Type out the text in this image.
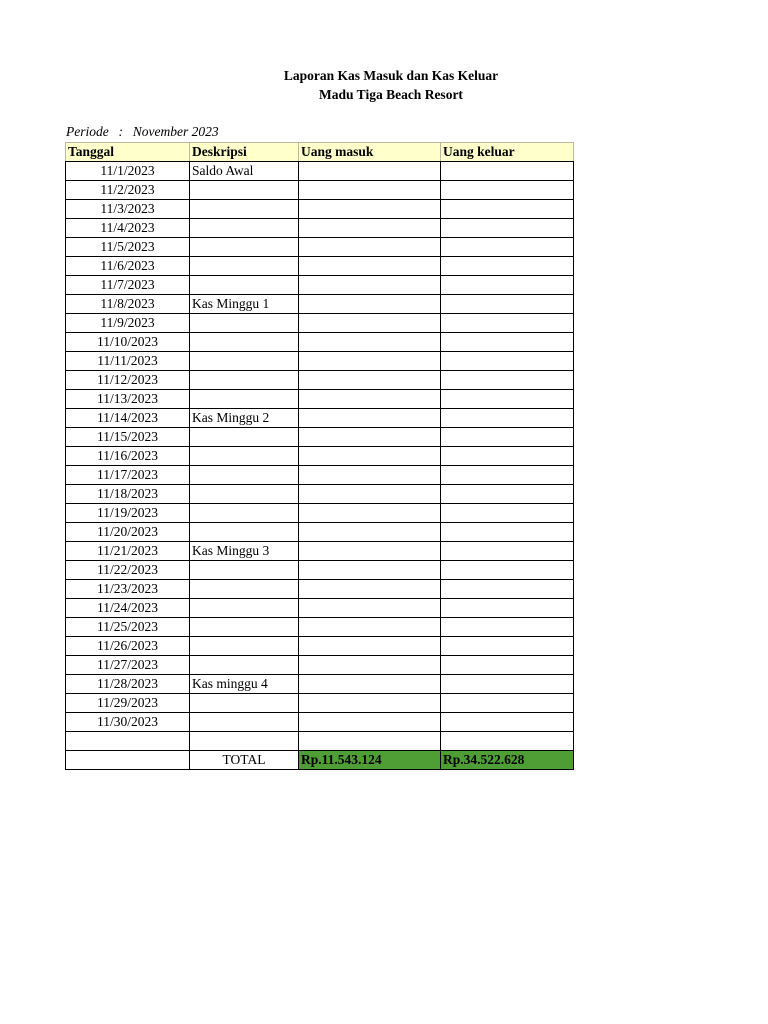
Laporan Kas Masuk dan Kas Keluar
Madu Tiga Beach Resort
Periode : November 2023
Tanggal	Deskripsi	Uang masuk	Uang keluar
11/1/2023	Saldo Awal		
11/2/2023			
11/3/2023			
11/4/2023			
11/5/2023			
11/6/2023			
11/7/2023			
11/8/2023	Kas Minggu 1		
11/9/2023			
11/10/2023			
11/11/2023			
11/12/2023			
11/13/2023			
11/14/2023	Kas Minggu 2		
11/15/2023			
11/16/2023			
11/17/2023			
11/18/2023			
11/19/2023			
11/20/2023			
11/21/2023	Kas Minggu 3		
11/22/2023			
11/23/2023			
11/24/2023			
11/25/2023			
11/26/2023			
11/27/2023			
11/28/2023	Kas minggu 4		
11/29/2023			
11/30/2023			

	TOTAL	Rp.11.543.124	Rp.34.522.628
